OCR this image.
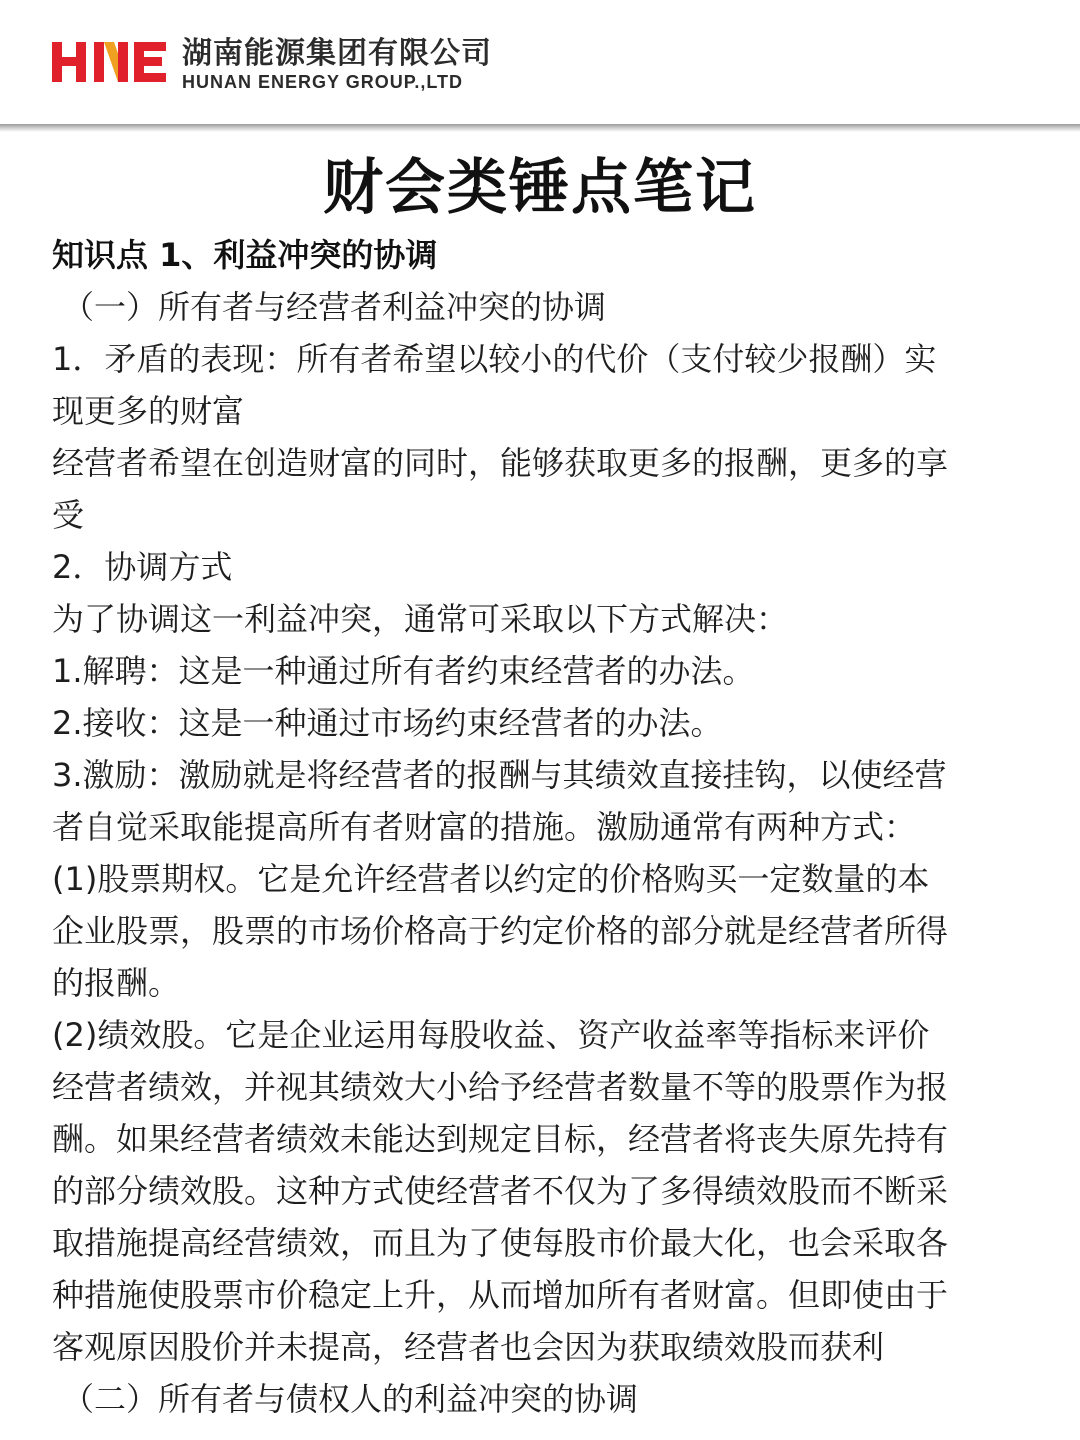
湖南能源集团有限公司
HUNAN ENERGY GROUP.,LTD
财会类锤点笔记
知识点 1、利益冲突的协调
（一）所有者与经营者利益冲突的协调
1．矛盾的表现：所有者希望以较小的代价（支付较少报酬）实
现更多的财富
经营者希望在创造财富的同时，能够获取更多的报酬，更多的享
受
2．协调方式
为了协调这一利益冲突，通常可采取以下方式解决：
1.解聘：这是一种通过所有者约束经营者的办法。
2.接收：这是一种通过市场约束经营者的办法。
3.激励：激励就是将经营者的报酬与其绩效直接挂钩，以使经营
者自觉采取能提高所有者财富的措施。激励通常有两种方式：
(1)股票期权。它是允许经营者以约定的价格购买一定数量的本
企业股票，股票的市场价格高于约定价格的部分就是经营者所得
的报酬。
(2)绩效股。它是企业运用每股收益、资产收益率等指标来评价
经营者绩效，并视其绩效大小给予经营者数量不等的股票作为报
酬。如果经营者绩效未能达到规定目标，经营者将丧失原先持有
的部分绩效股。这种方式使经营者不仅为了多得绩效股而不断采
取措施提高经营绩效，而且为了使每股市价最大化，也会采取各
种措施使股票市价稳定上升，从而增加所有者财富。但即使由于
客观原因股价并未提高，经营者也会因为获取绩效股而获利
（二）所有者与债权人的利益冲突的协调
